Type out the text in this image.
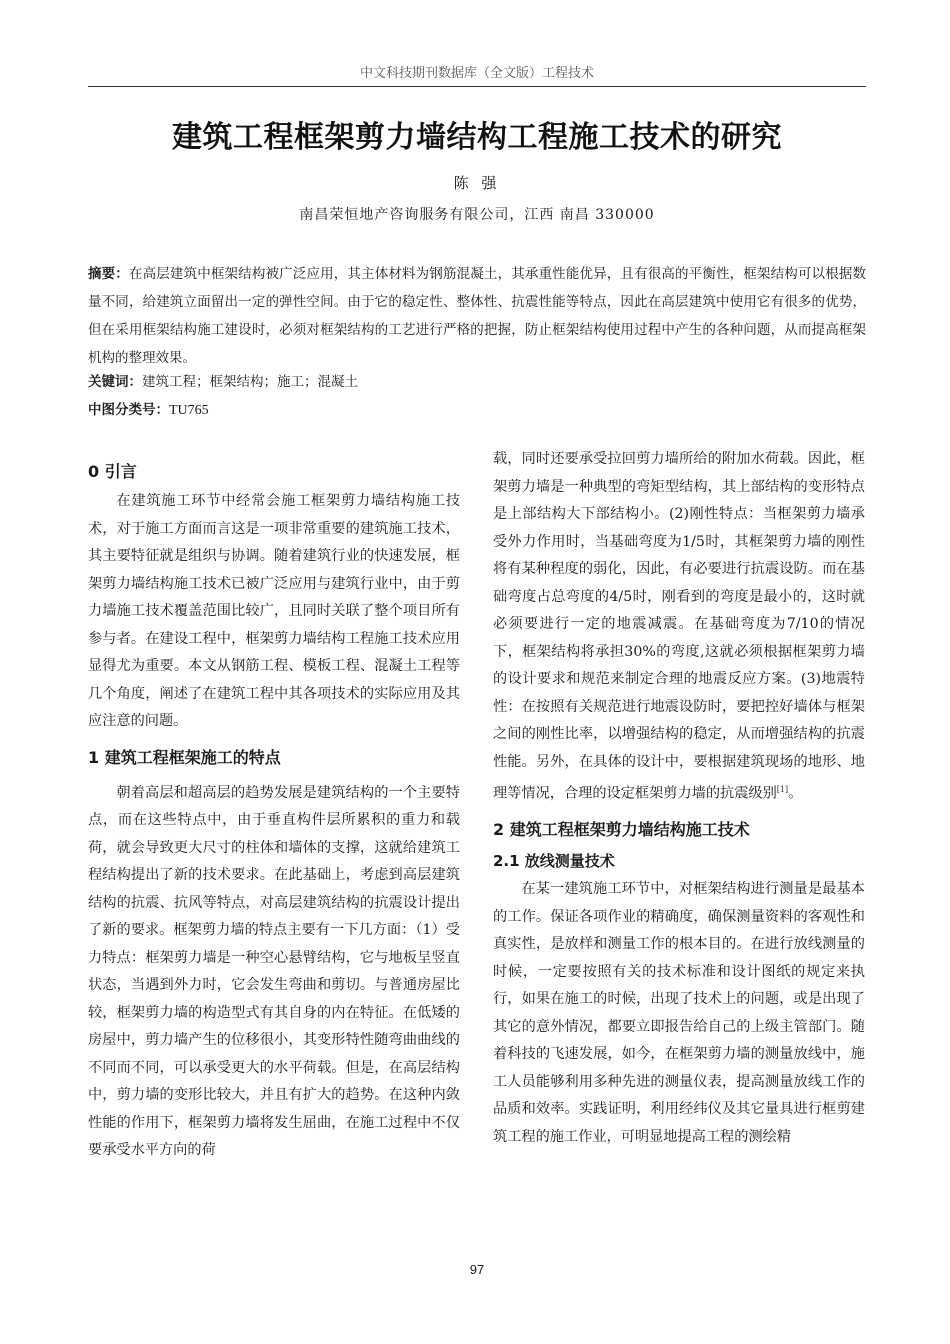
中文科技期刊数据库（全文版）工程技术
建筑工程框架剪力墙结构工程施工技术的研究
陈 强
南昌荣恒地产咨询服务有限公司，江西 南昌 330000
摘要：在高层建筑中框架结构被广泛应用，其主体材料为钢筋混凝土，其承重性能优异，且有很高的平衡性，框架结构可以根据数量不同，给建筑立面留出一定的弹性空间。由于它的稳定性、整体性、抗震性能等特点，因此在高层建筑中使用它有很多的优势，但在采用框架结构施工建设时，必须对框架结构的工艺进行严格的把握，防止框架结构使用过程中产生的各种问题，从而提高框架机构的整理效果。
关键词：建筑工程；框架结构；施工；混凝土
中图分类号：TU765
0 引言

在建筑施工环节中经常会施工框架剪力墙结构施工技术，对于施工方面而言这是一项非常重要的建筑施工技术，其主要特征就是组织与协调。随着建筑行业的快速发展，框架剪力墙结构施工技术已被广泛应用与建筑行业中，由于剪力墙施工技术覆盖范围比较广，且同时关联了整个项目所有参与者。在建设工程中，框架剪力墙结构工程施工技术应用显得尤为重要。本文从钢筋工程、模板工程、混凝土工程等几个角度，阐述了在建筑工程中其各项技术的实际应用及其应注意的问题。

1 建筑工程框架施工的特点

朝着高层和超高层的趋势发展是建筑结构的一个主要特点，而在这些特点中，由于垂直构件层所累积的重力和载荷，就会导致更大尺寸的柱体和墙体的支撑，这就给建筑工程结构提出了新的技术要求。在此基础上，考虑到高层建筑结构的抗震、抗风等特点，对高层建筑结构的抗震设计提出了新的要求。框架剪力墙的特点主要有一下几方面：（1）受力特点：框架剪力墙是一种空心悬臂结构，它与地板呈竖直状态，当遇到外力时，它会发生弯曲和剪切。与普通房屋比较，框架剪力墙的构造型式有其自身的内在特征。在低矮的房屋中，剪力墙产生的位移很小，其变形特性随弯曲曲线的不同而不同，可以承受更大的水平荷载。但是，在高层结构中，剪力墙的变形比较大，并且有扩大的趋势。在这种内敛性能的作用下，框架剪力墙将发生屈曲，在施工过程中不仅要承受水平方向的荷

载，同时还要承受拉回剪力墙所给的附加水荷载。因此，框架剪力墙是一种典型的弯矩型结构，其上部结构的变形特点是上部结构大下部结构小。(2)刚性特点：当框架剪力墙承受外力作用时，当基础弯度为1/5时，其框架剪力墙的刚性将有某种程度的弱化，因此，有必要进行抗震设防。而在基础弯度占总弯度的4/5时，刚看到的弯度是最小的，这时就必须要进行一定的地震减震。在基础弯度为7/10的情况下，框架结构将承担30%的弯度,这就必须根据框架剪力墙的设计要求和规范来制定合理的地震反应方案。(3)地震特性：在按照有关规范进行地震设防时，要把控好墙体与框架之间的刚性比率，以增强结构的稳定，从而增强结构的抗震性能。另外，在具体的设计中，要根据建筑现场的地形、地理等情况，合理的设定框架剪力墙的抗震级别[1]。

2 建筑工程框架剪力墙结构施工技术
2.1 放线测量技术

在某一建筑施工环节中，对框架结构进行测量是最基本的工作。保证各项作业的精确度，确保测量资料的客观性和真实性，是放样和测量工作的根本目的。在进行放线测量的时候，一定要按照有关的技术标准和设计图纸的规定来执行，如果在施工的时候，出现了技术上的问题，或是出现了其它的意外情况，都要立即报告给自己的上级主管部门。随着科技的飞速发展，如今，在框架剪力墙的测量放线中，施工人员能够利用多种先进的测量仪表，提高测量放线工作的品质和效率。实践证明，利用经纬仪及其它量具进行框剪建筑工程的施工作业，可明显地提高工程的测绘精

97
